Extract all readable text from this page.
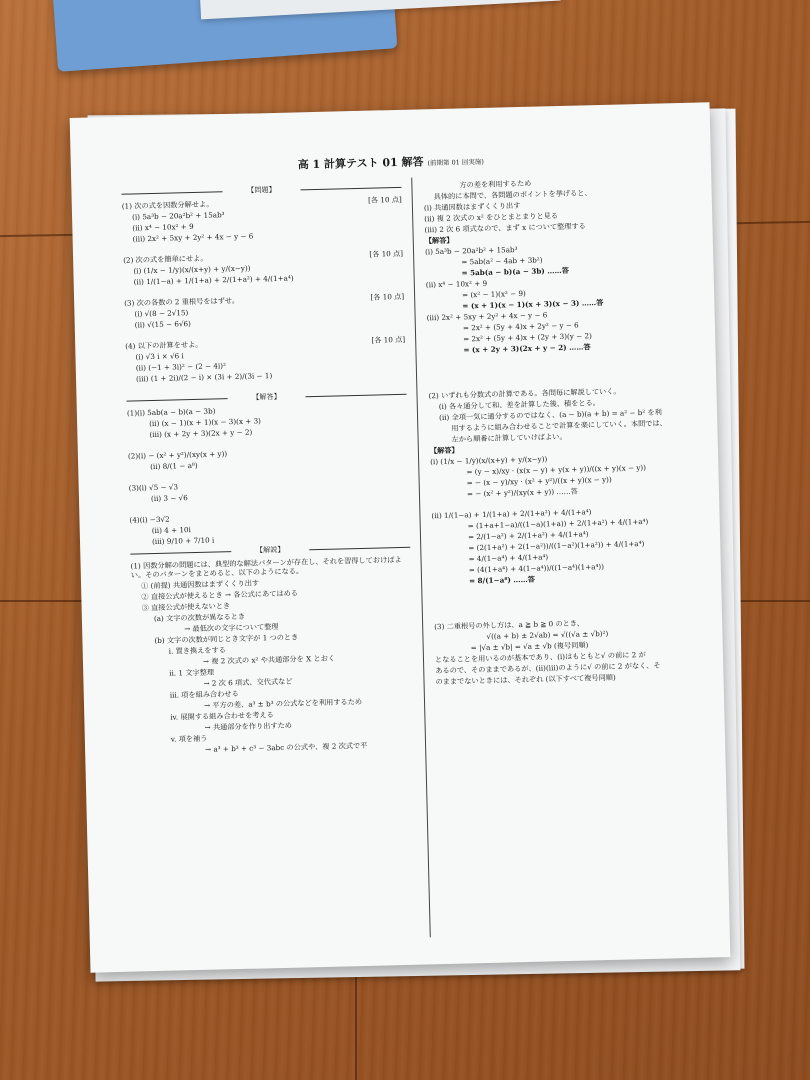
高 1 計算テスト 01 解答 (前期第 01 回実施)
【問題】
(1) 次の式を因数分解せよ。	[各 10 点]
(i) 5a³b − 20a²b² + 15ab³
(ii) x⁴ − 10x² + 9
(iii) 2x² + 5xy + 2y² + 4x − y − 6
(2) 次の式を簡単にせよ。	[各 10 点]
(i) (1/x − 1/y)(x/(x+y) + y/(x−y))
(ii) 1/(1−a) + 1/(1+a) + 2/(1+a²) + 4/(1+a⁴)
(3) 次の各数の 2 重根号をはずせ。	[各 10 点]
(i) √(8 − 2√15)
(ii) √(15 − 6√6)
(4) 以下の計算をせよ。
[各 10 点]
(i) √3 i × √6 i
(ii) (−1 + 3i)² − (2 − 4i)²
(iii) (1 + 2i)/(2 − i) × (3i + 2)/(3i − 1)
【解答】
(1)(i) 5ab(a − b)(a − 3b)
(ii) (x − 1)(x + 1)(x − 3)(x + 3)
(iii) (x + 2y + 3)(2x + y − 2)
(2)(i) − (x² + y²)/(xy(x + y))
(ii) 8/(1 − a⁸)
(3)(i) √5 − √3
(ii) 3 − √6
(4)(i) −3√2
(ii) 4 + 10i
(iii) 9/10 + 7/10 i
【解説】
(1) 因数分解の問題には、典型的な解法パターンが存在し、それを習得しておけばよい。そのパターンをまとめると、以下のようになる。
① (前提) 共通因数はまずくくり出す
② 直接公式が使えるとき → 各公式にあてはめる
③ 直接公式が使えないとき
(a) 文字の次数が異なるとき
→ 最低次の文字について整理
(b) 文字の次数が同じとき文字が 1 つのとき
i. 置き換えをする
→ 複 2 次式の x² や共通部分を X とおく
ii. 1 文字整理
→ 2 次 6 項式、交代式など
iii. 項を組み合わせる
→ 平方の差、a³ ± b³ の公式などを利用するため
iv. 展開する組み合わせを考える
→ 共通部分を作り出すため
v. 項を補う
→ a³ + b³ + c³ − 3abc の公式や、複 2 次式で平
方の差を利用するため
具体的に本問で、各問題のポイントを挙げると、
(i) 共通因数はまずくくり出す
(ii) 複 2 次式の x² をひとまとまりと見る
(iii) 2 次 6 項式なので、まず x について整理する
【解答】
(i) 5a³b − 20a²b² + 15ab³
= 5ab(a² − 4ab + 3b²)
= 5ab(a − b)(a − 3b) ……答
(ii) x⁴ − 10x² + 9
= (x² − 1)(x² − 9)
= (x + 1)(x − 1)(x + 3)(x − 3) ……答
(iii) 2x² + 5xy + 2y² + 4x − y − 6
= 2x² + (5y + 4)x + 2y² − y − 6
= 2x² + (5y + 4)x + (2y + 3)(y − 2)
= (x + 2y + 3)(2x + y − 2) ……答
(2) いずれも分数式の計算である。各問毎に解説していく。
(i) 各々通分して和、差を計算した後、積をとる。
(ii) 全項一気に通分するのではなく、(a − b)(a + b) = a² − b² を利
用するように組み合わせることで計算を楽にしていく。本問では、
左から順番に計算していけばよい。
【解答】
(i) (1/x − 1/y)(x/(x+y) + y/(x−y))
= (y − x)/xy · (x(x − y) + y(x + y))/((x + y)(x − y))
= − (x − y)/xy · (x² + y²)/((x + y)(x − y))
= − (x² + y²)/(xy(x + y)) ……答
(ii) 1/(1−a) + 1/(1+a) + 2/(1+a²) + 4/(1+a⁴)
= (1+a+1−a)/((1−a)(1+a)) + 2/(1+a²) + 4/(1+a⁴)
= 2/(1−a²) + 2/(1+a²) + 4/(1+a⁴)
= (2(1+a²) + 2(1−a²))/((1−a²)(1+a²)) + 4/(1+a⁴)
= 4/(1−a⁴) + 4/(1+a⁴)
= (4(1+a⁴) + 4(1−a⁴))/((1−a⁴)(1+a⁴))
= 8/(1−a⁸) ……答
(3) 二重根号の外し方は、a ≧ b ≧ 0 のとき、
√((a + b) ± 2√ab) = √((√a ± √b)²)
= |√a ± √b| = √a ± √b (複号同順)
となることを用いるのが基本であり、(i)はもともと√ の前に 2 が
あるので、そのままであるが、(ii)(iii)のように√ の前に 2 がなく、そ
のままでないときには、それぞれ (以下すべて複号同順)
